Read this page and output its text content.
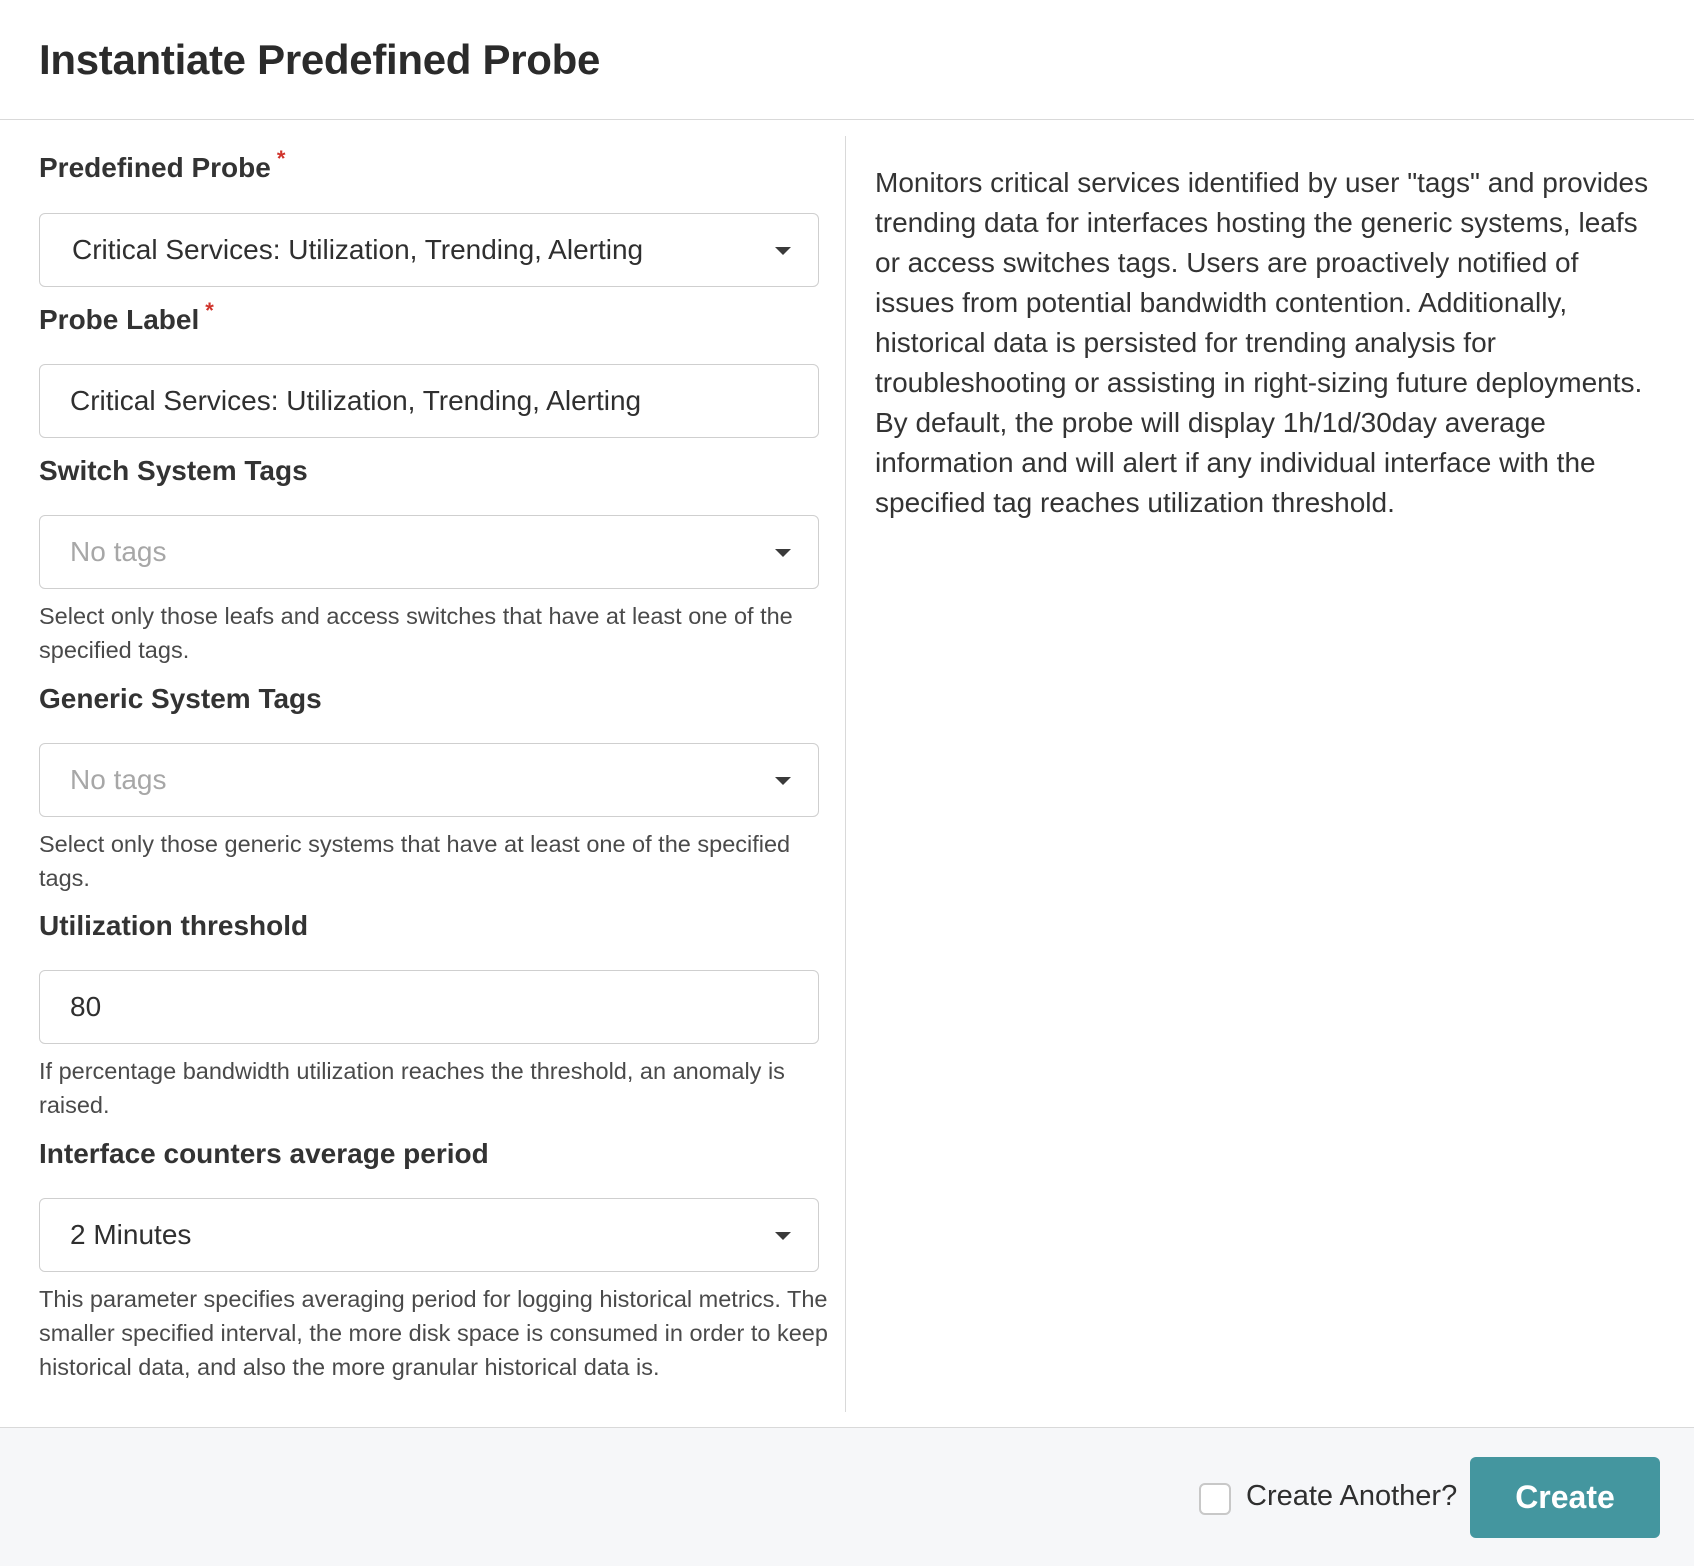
Instantiate Predefined Probe
Predefined Probe *
Critical Services: Utilization, Trending, Alerting
Probe Label *
Critical Services: Utilization, Trending, Alerting
Switch System Tags
No tags
Select only those leafs and access switches that have at least one of the specified tags.
Generic System Tags
No tags
Select only those generic systems that have at least one of the specified tags.
Utilization threshold
80
If percentage bandwidth utilization reaches the threshold, an anomaly is raised.
Interface counters average period
2 Minutes
This parameter specifies averaging period for logging historical metrics. The smaller specified interval, the more disk space is consumed in order to keep historical data, and also the more granular historical data is.
Monitors critical services identified by user "tags" and provides trending data for interfaces hosting the generic systems, leafs or access switches tags. Users are proactively notified of issues from potential bandwidth contention. Additionally, historical data is persisted for trending analysis for troubleshooting or assisting in right-sizing future deployments. By default, the probe will display 1h/1d/30day average information and will alert if any individual interface with the specified tag reaches utilization threshold.
Create Another?	Create
